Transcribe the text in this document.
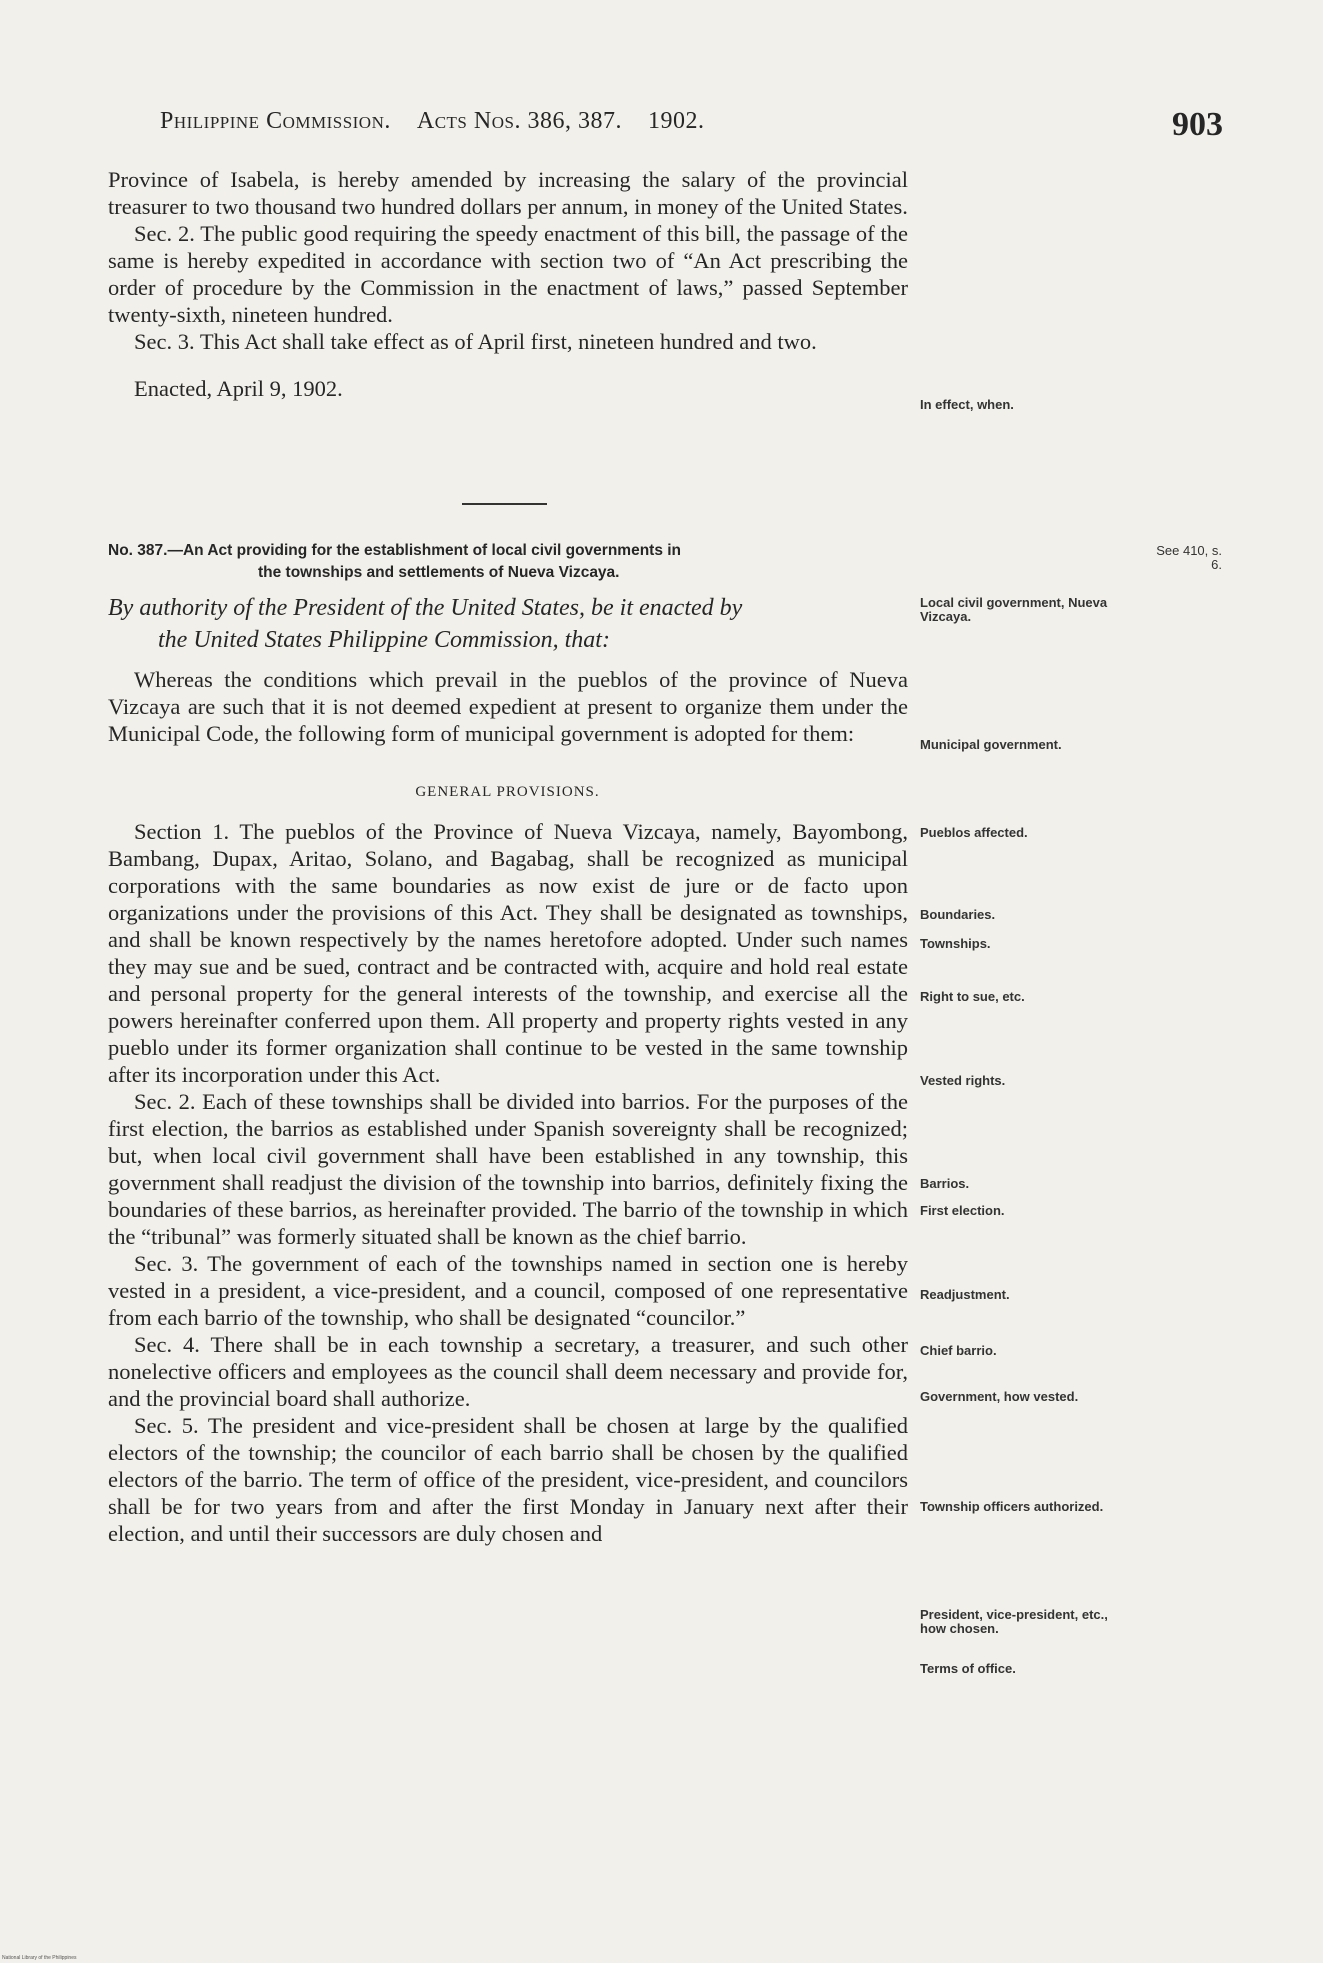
Philippine Commission. Acts Nos. 386, 387. 1902.	903

Province of Isabela, is hereby amended by increasing the salary of the provincial treasurer to two thousand two hundred dollars per annum, in money of the United States.

Sec. 2. The public good requiring the speedy enactment of this bill, the passage of the same is hereby expedited in accordance with section two of “An Act prescribing the order of procedure by the Commission in the enactment of laws,” passed September twenty-sixth, nineteen hundred.

Sec. 3. This Act shall take effect as of April first, nineteen hundred and two.

Enacted, April 9, 1902.

No. 387.—An Act providing for the establishment of local civil governments in
the townships and settlements of Nueva Vizcaya.
By authority of the President of the United States, be it enacted by
the United States Philippine Commission, that:

Whereas the conditions which prevail in the pueblos of the province of Nueva Vizcaya are such that it is not deemed expedient at present to organize them under the Municipal Code, the following form of municipal government is adopted for them:

GENERAL PROVISIONS.

Section 1. The pueblos of the Province of Nueva Vizcaya, namely, Bayombong, Bambang, Dupax, Aritao, Solano, and Bagabag, shall be recognized as municipal corporations with the same boundaries as now exist de jure or de facto upon organizations under the provisions of this Act. They shall be designated as townships, and shall be known respectively by the names heretofore adopted. Under such names they may sue and be sued, contract and be contracted with, acquire and hold real estate and personal property for the general interests of the township, and exercise all the powers hereinafter conferred upon them. All property and property rights vested in any pueblo under its former organization shall continue to be vested in the same township after its incorporation under this Act.

Sec. 2. Each of these townships shall be divided into barrios. For the purposes of the first election, the barrios as established under Spanish sovereignty shall be recognized; but, when local civil government shall have been established in any township, this government shall readjust the division of the township into barrios, definitely fixing the boundaries of these barrios, as hereinafter provided. The barrio of the township in which the “tribunal” was formerly situated shall be known as the chief barrio.

Sec. 3. The government of each of the townships named in section one is hereby vested in a president, a vice-president, and a council, composed of one representative from each barrio of the township, who shall be designated “councilor.”

Sec. 4. There shall be in each township a secretary, a treasurer, and such other nonelective officers and employees as the council shall deem necessary and provide for, and the provincial board shall authorize.

Sec. 5. The president and vice-president shall be chosen at large by the qualified electors of the township; the councilor of each barrio shall be chosen by the qualified electors of the barrio. The term of office of the president, vice-president, and councilors shall be for two years from and after the first Monday in January next after their election, and until their successors are duly chosen and

In effect, when.
See 410, s. 6.
Local civil government, Nueva Vizcaya.
Municipal government.
Pueblos affected.
Boundaries.
Townships.
Right to sue, etc.
Vested rights.
Barrios.
First election.
Readjustment.
Chief barrio.
Government, how vested.
Township officers authorized.
President, vice-president, etc., how chosen.
Terms of office.
National Library of the Philippines
